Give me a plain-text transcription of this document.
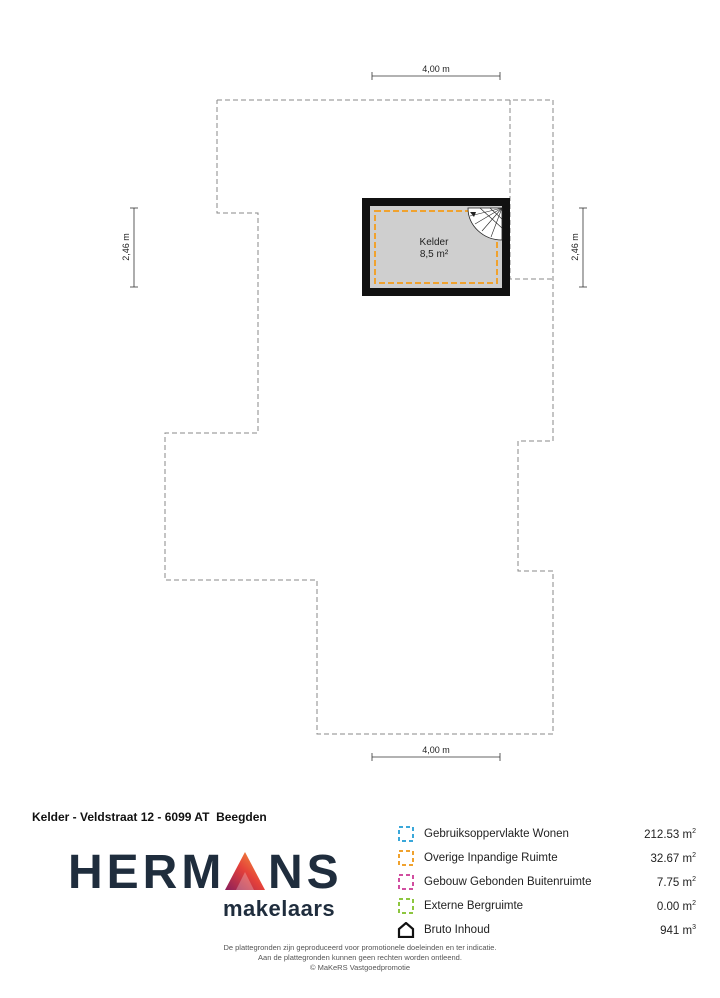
4,00 m
4,00 m
2,46 m	2,46 m
Kelder
8,5 m²
Kelder - Veldstraat 12 - 6099 AT  Beegden
HERM NS
makelaars
Gebruiksoppervlakte Wonen	212.53 $m^2$
Overige Inpandige Ruimte	32.67 $m^2$
Gebouw Gebonden Buitenruimte	7.75 $m^2$
Externe Bergruimte	0.00 $m^2$
Bruto Inhoud	941 $m^3$
De plattegronden zijn geproduceerd voor promotionele doeleinden en ter indicatie.
Aan de plattegronden kunnen geen rechten worden ontleend.
© MaKeRS Vastgoedpromotie
